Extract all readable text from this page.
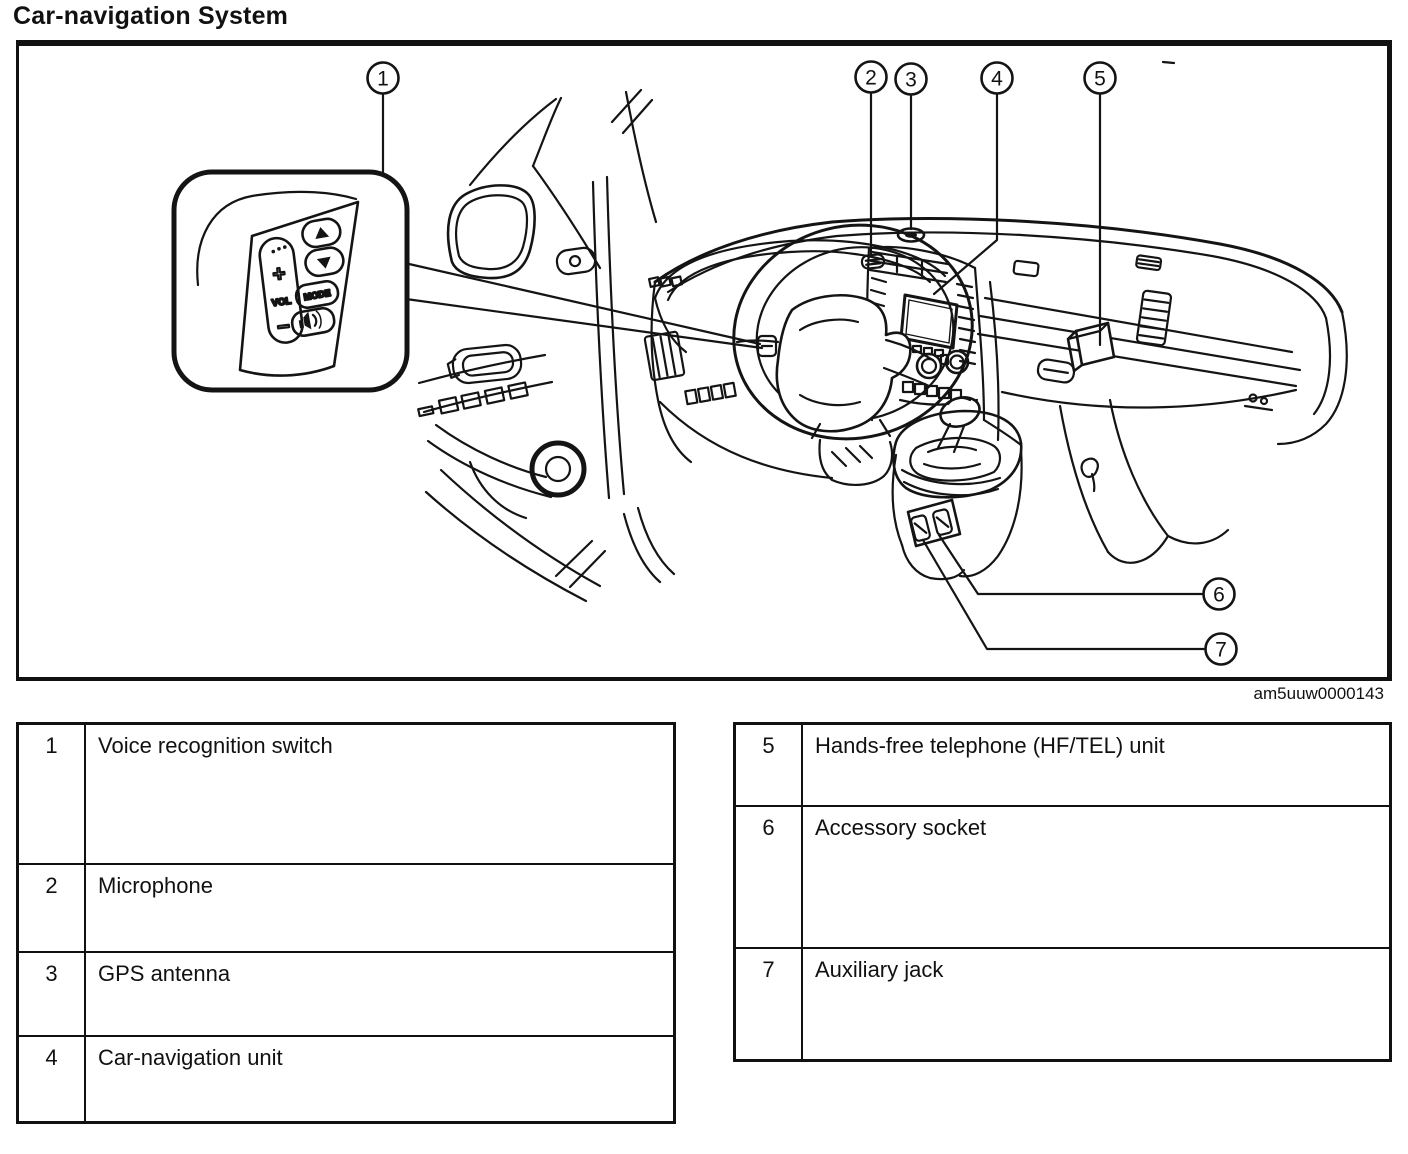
Car-navigation System
+
VOL
−
MODE
1	2 3	4	5
6
7
am5uuw0000143
1	Voice recognition switch
2	Microphone
3	GPS antenna
4	Car-navigation unit
5	Hands-free telephone (HF/TEL) unit
6	Accessory socket
7	Auxiliary jack
